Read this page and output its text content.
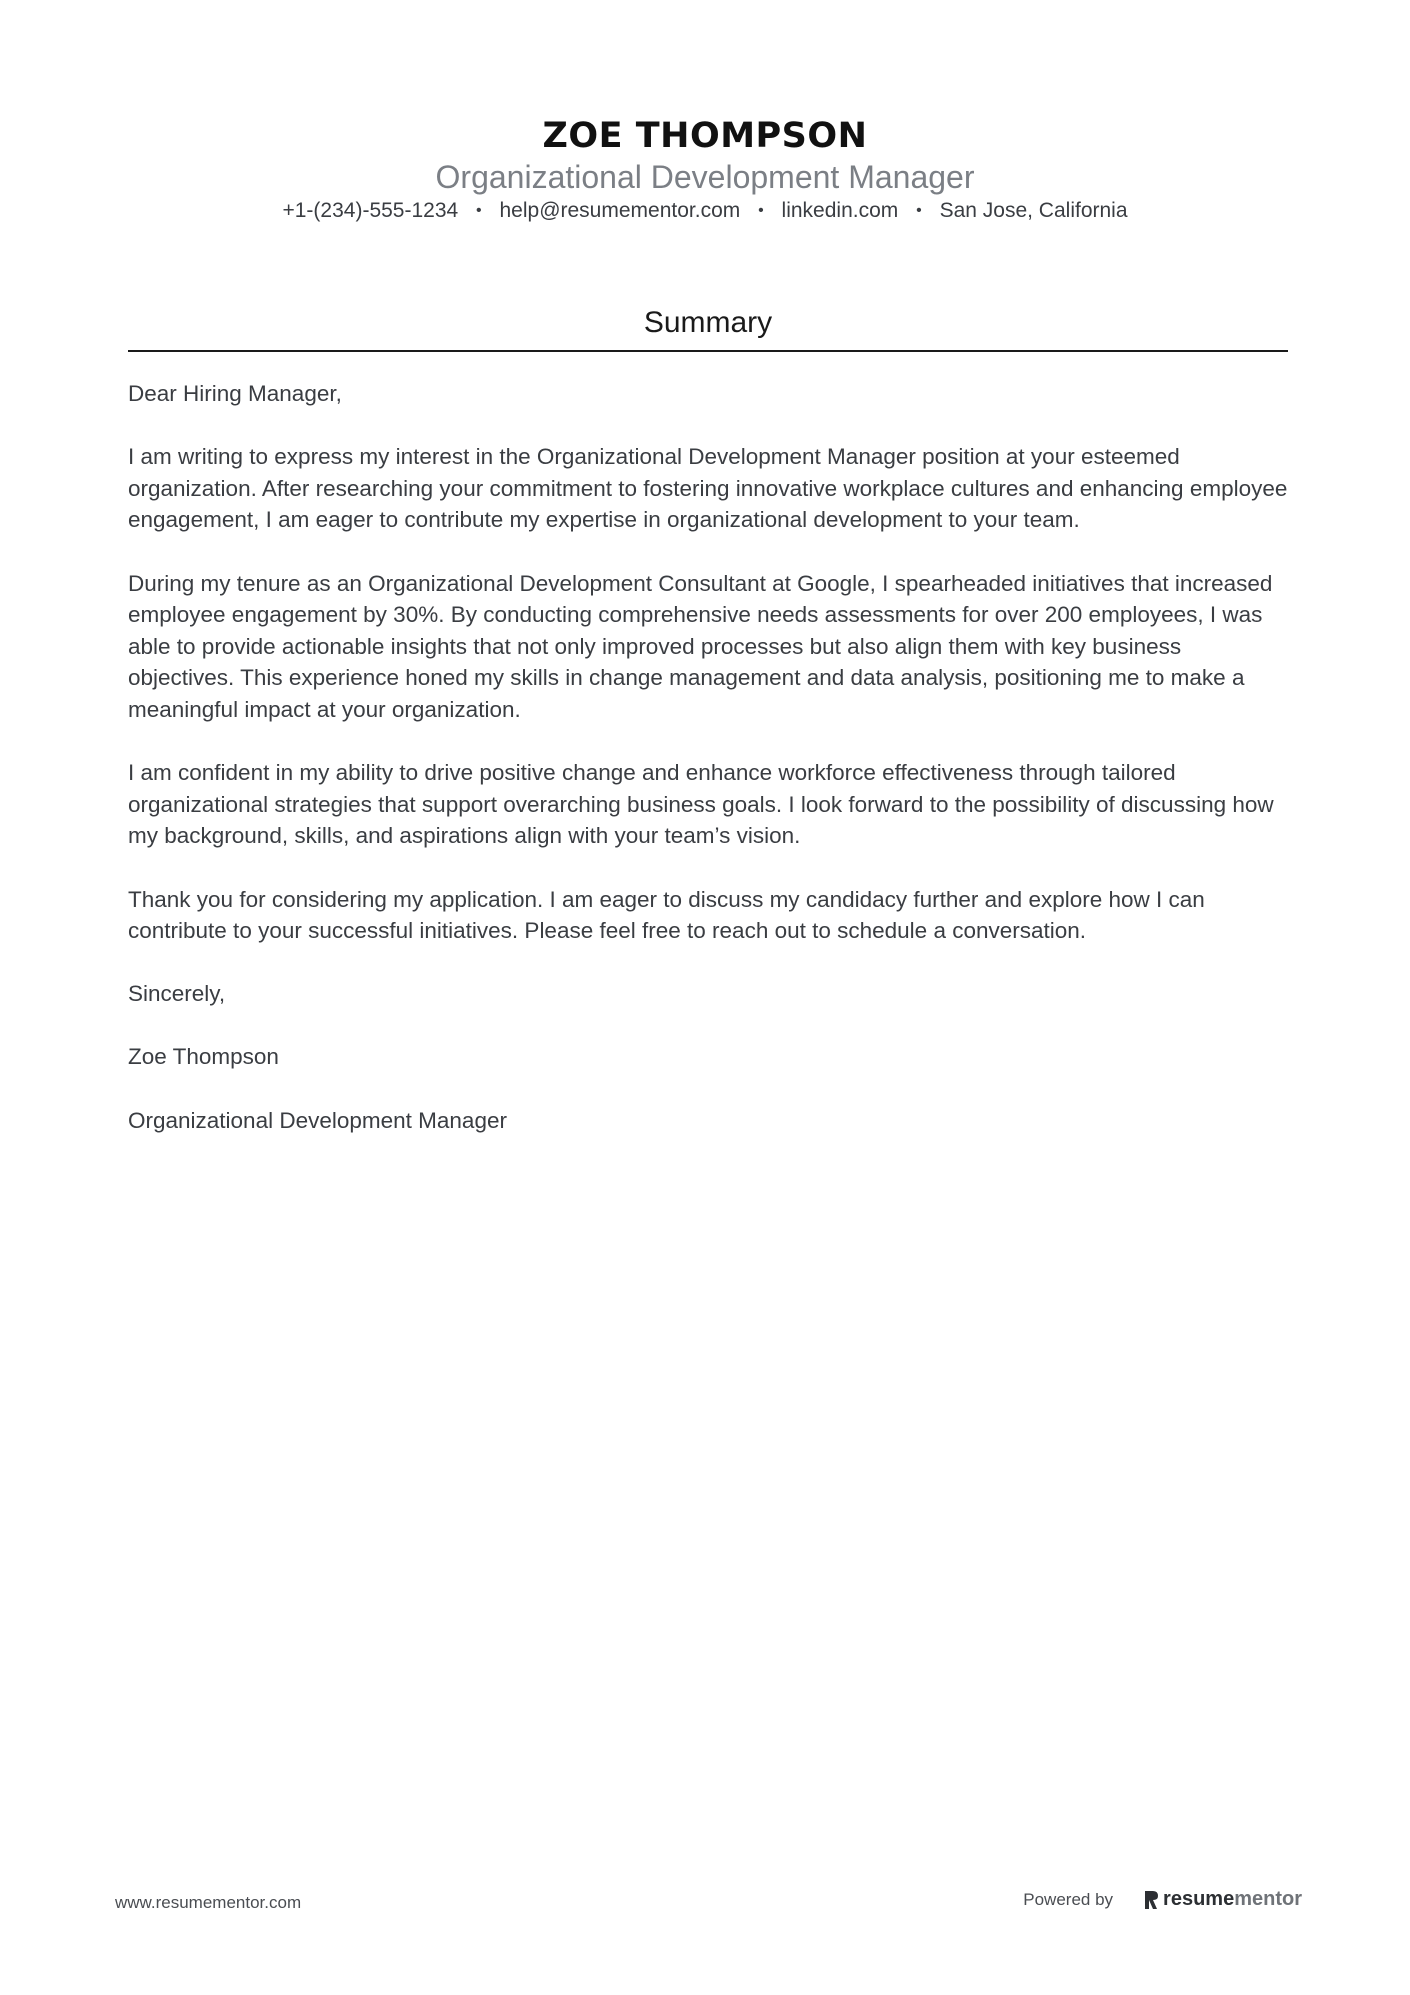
ZOE THOMPSON
Organizational Development Manager
+1-(234)-555-1234 • help@resumementor.com • linkedin.com • San Jose, California
Summary

Dear Hiring Manager,

I am writing to express my interest in the Organizational Development Manager position at your esteemed organization. After researching your commitment to fostering innovative workplace cultures and enhancing employee engagement, I am eager to contribute my expertise in organizational development to your team.

During my tenure as an Organizational Development Consultant at Google, I spearheaded initiatives that increased employee engagement by 30%. By conducting comprehensive needs assessments for over 200 employees, I was able to provide actionable insights that not only improved processes but also align them with key business objectives. This experience honed my skills in change management and data analysis, positioning me to make a meaningful impact at your organization.

I am confident in my ability to drive positive change and enhance workforce effectiveness through tailored organizational strategies that support overarching business goals. I look forward to the possibility of discussing how my background, skills, and aspirations align with your team’s vision.

Thank you for considering my application. I am eager to discuss my candidacy further and explore how I can contribute to your successful initiatives. Please feel free to reach out to schedule a conversation.

Sincerely,

Zoe Thompson

Organizational Development Manager

www.resumementor.com	Powered by	resume mentor
